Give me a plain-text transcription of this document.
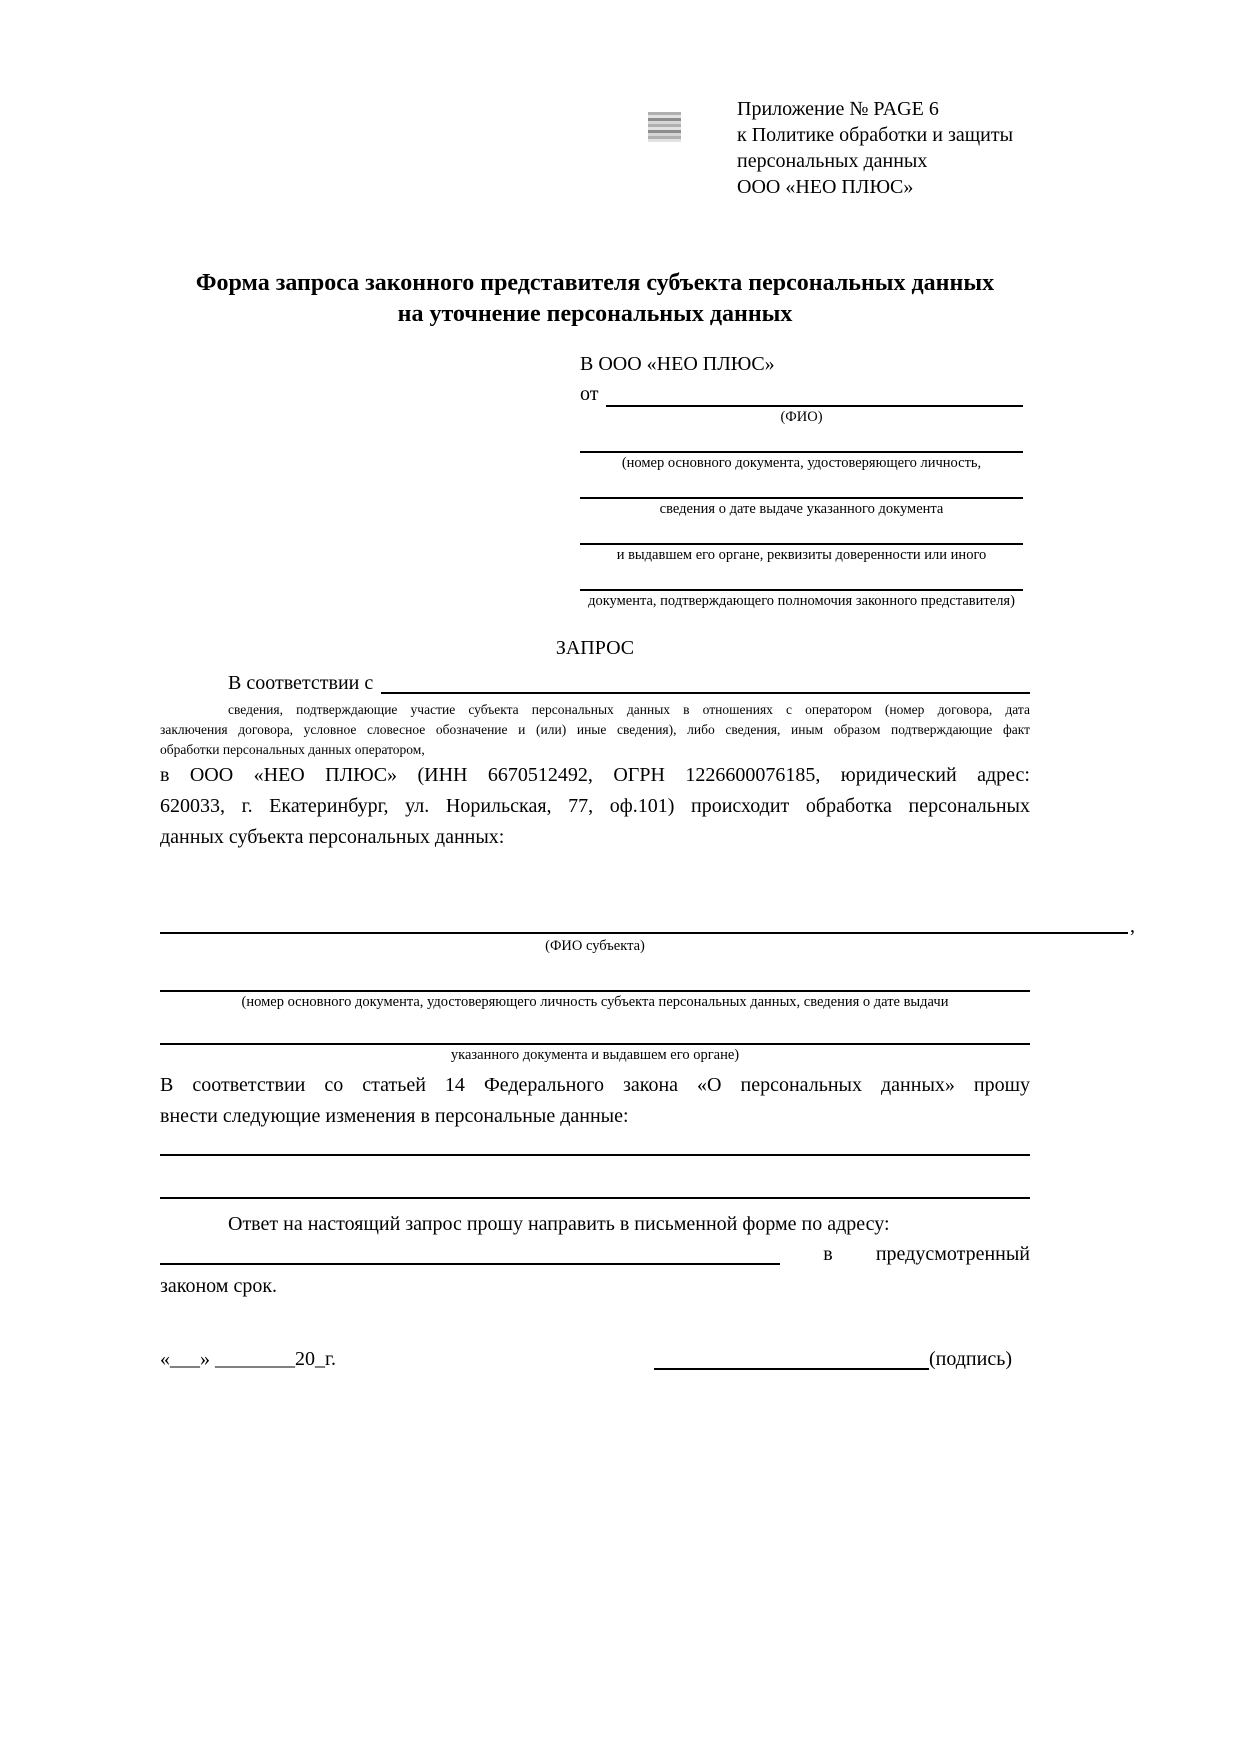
Приложение № PAGE 6
к Политике обработки и защиты
персональных данных
ООО «НЕО ПЛЮС»
Форма запроса законного представителя субъекта персональных данных
на уточнение персональных данных
В ООО «НЕО ПЛЮС»
от
(ФИО)
(номер основного документа, удостоверяющего личность,
сведения о дате выдаче указанного документа
и выдавшем его органе, реквизиты доверенности или иного
документа, подтверждающего полномочия законного представителя)
ЗАПРОС
В соответствии с
сведения, подтверждающие участие субъекта персональных данных в отношениях с оператором (номер договора, дата
заключения договора, условное словесное обозначение и (или) иные сведения), либо сведения, иным образом подтверждающие факт
обработки персональных данных оператором,
в ООО «НЕО ПЛЮС» (ИНН 6670512492, ОГРН 1226600076185, юридический адрес:
620033, г. Екатеринбург, ул. Норильская, 77, оф.101) происходит обработка персональных
данных субъекта персональных данных:
,
(ФИО субъекта)
(номер основного документа, удостоверяющего личность субъекта персональных данных, сведения о дате выдачи
указанного документа и выдавшем его органе)
В соответствии со статьей 14 Федерального закона «О персональных данных» прошу
внести следующие изменения в персональные данные:
Ответ на настоящий запрос прошу направить в письменной форме по адресу:
в предусмотренный
законом срок.
«___» ________20_г.	(подпись)
